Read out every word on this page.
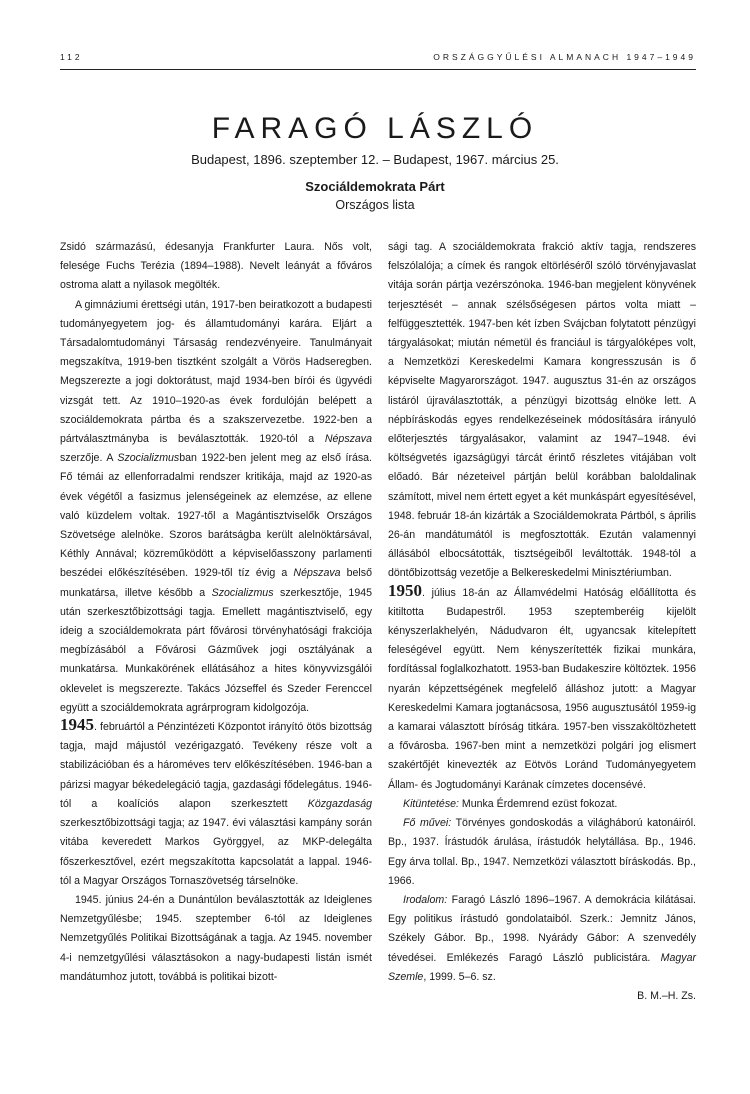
112	ORSZÁGGYŰLÉSI ALMANACH 1947–1949
FARAGÓ LÁSZLÓ
Budapest, 1896. szeptember 12. – Budapest, 1967. március 25.
Szociáldemokrata Párt
Országos lista

Zsidó származású, édesanyja Frankfurter Laura. Nős volt, felesége Fuchs Terézia (1894–1988). Nevelt leányát a főváros ostroma alatt a nyilasok megölték.

A gimnáziumi érettségi után, 1917-ben beiratkozott a budapesti tudományegyetem jog- és államtudományi karára. Eljárt a Társadalomtudományi Társaság rendezvényeire. Tanulmányait megszakítva, 1919-ben tisztként szolgált a Vörös Hadseregben. Megszerezte a jogi doktorátust, majd 1934-ben bírói és ügyvédi vizsgát tett. Az 1910–1920-as évek fordulóján belépett a szociáldemokrata pártba és a szakszervezetbe. 1922-ben a pártválasztmányba is beválasztották. 1920-tól a Népszava szerzője. A Szocializmusban 1922-ben jelent meg az első írása. Fő témái az ellenforradalmi rendszer kritikája, majd az 1920-as évek végétől a fasizmus jelenségeinek az elemzése, az ellene való küzdelem voltak. 1927-től a Magántisztviselők Országos Szövetsége alelnöke. Szoros barátságba került alelnöktársával, Kéthly Annával; közreműködött a képviselőasszony parlamenti beszédei előkészítésében. 1929-től tíz évig a Népszava belső munkatársa, illetve később a Szocializmus szerkesztője, 1945 után szerkesztőbizottsági tagja. Emellett magántisztviselő, egy ideig a szociáldemokrata párt fővárosi törvényhatósági frakciója megbízásából a Fővárosi Gázművek jogi osztályának a munkatársa. Munkakörének ellátásához a hites könyvvizsgálói oklevelet is megszerezte. Takács Józseffel és Szeder Ferenccel együtt a szociáldemokrata agrárprogram kidolgozója.

1945. februártól a Pénzintézeti Központot irányító ötös bizottság tagja, majd májustól vezérigazgató. Tevékeny része volt a stabilizációban és a hároméves terv előkészítésében. 1946-ban a párizsi magyar békedelegáció tagja, gazdasági fődelegátus. 1946-tól a koalíciós alapon szerkesztett Közgazdaság szerkesztőbizottsági tagja; az 1947. évi választási kampány során vitába keveredett Markos Györggyel, az MKP-delegálta főszerkesztővel, ezért megszakította kapcsolatát a lappal. 1946-tól a Magyar Országos Tornaszövetség társelnöke.

1945. június 24-én a Dunántúlon beválasztották az Ideiglenes Nemzetgyűlésbe; 1945. szeptember 6-tól az Ideiglenes Nemzetgyűlés Politikai Bizottságának a tagja. Az 1945. november 4-i nemzetgyűlési választásokon a nagy-budapesti listán ismét mandátumhoz jutott, továbbá is politikai bizott-

sági tag. A szociáldemokrata frakció aktív tagja, rendszeres felszólalója; a címek és rangok eltörléséről szóló törvényjavaslat vitája során pártja vezérszónoka. 1946-ban megjelent könyvének terjesztését – annak szélsőségesen pártos volta miatt – felfüggesztették. 1947-ben két ízben Svájcban folytatott pénzügyi tárgyalásokat; miután németül és franciául is tárgyalóképes volt, a Nemzetközi Kereskedelmi Kamara kongresszusán is ő képviselte Magyarországot. 1947. augusztus 31-én az országos listáról újraválasztották, a pénzügyi bizottság elnöke lett. A népbíráskodás egyes rendelkezéseinek módosítására irányuló előterjesztés tárgyalásakor, valamint az 1947–1948. évi költségvetés igazságügyi tárcát érintő részletes vitájában volt előadó. Bár nézeteivel pártján belül korábban baloldalinak számított, mivel nem értett egyet a két munkáspárt egyesítésével, 1948. február 18-án kizárták a Szociáldemokrata Pártból, s április 26-án mandátumától is megfosztották. Ezután valamennyi állásából elbocsátották, tisztségeiből leváltották. 1948-tól a döntőbizottság vezetője a Belkereskedelmi Minisztériumban.

1950. július 18-án az Államvédelmi Hatóság előállította és kitiltotta Budapestről. 1953 szeptemberéig kijelölt kényszerlakhelyén, Nádudvaron élt, ugyancsak kitelepített feleségével együtt. Nem kényszerítették fizikai munkára, fordítással foglalkozhatott. 1953-ban Budakeszire költöztek. 1956 nyarán képzettségének megfelelő álláshoz jutott: a Magyar Kereskedelmi Kamara jogtanácsosa, 1956 augusztusától 1959-ig a kamarai választott bíróság titkára. 1957-ben visszaköltözhetett a fővárosba. 1967-ben mint a nemzetközi polgári jog elismert szakértőjét kinevezték az Eötvös Loránd Tudományegyetem Állam- és Jogtudományi Karának címzetes docensévé.

Kitüntetése: Munka Érdemrend ezüst fokozat.

Fő művei: Törvényes gondoskodás a világháború katonáiról. Bp., 1937. Írástudók árulása, írástudók helytállása. Bp., 1946. Egy árva tollal. Bp., 1947. Nemzetközi választott bíráskodás. Bp., 1966.

Irodalom: Faragó László 1896–1967. A demokrácia kilátásai. Egy politikus írástudó gondolataiból. Szerk.: Jemnitz János, Székely Gábor. Bp., 1998. Nyárády Gábor: A szenvedély tévedései. Emlékezés Faragó László publicistára. Magyar Szemle, 1999. 5–6. sz.

B. M.–H. Zs.
